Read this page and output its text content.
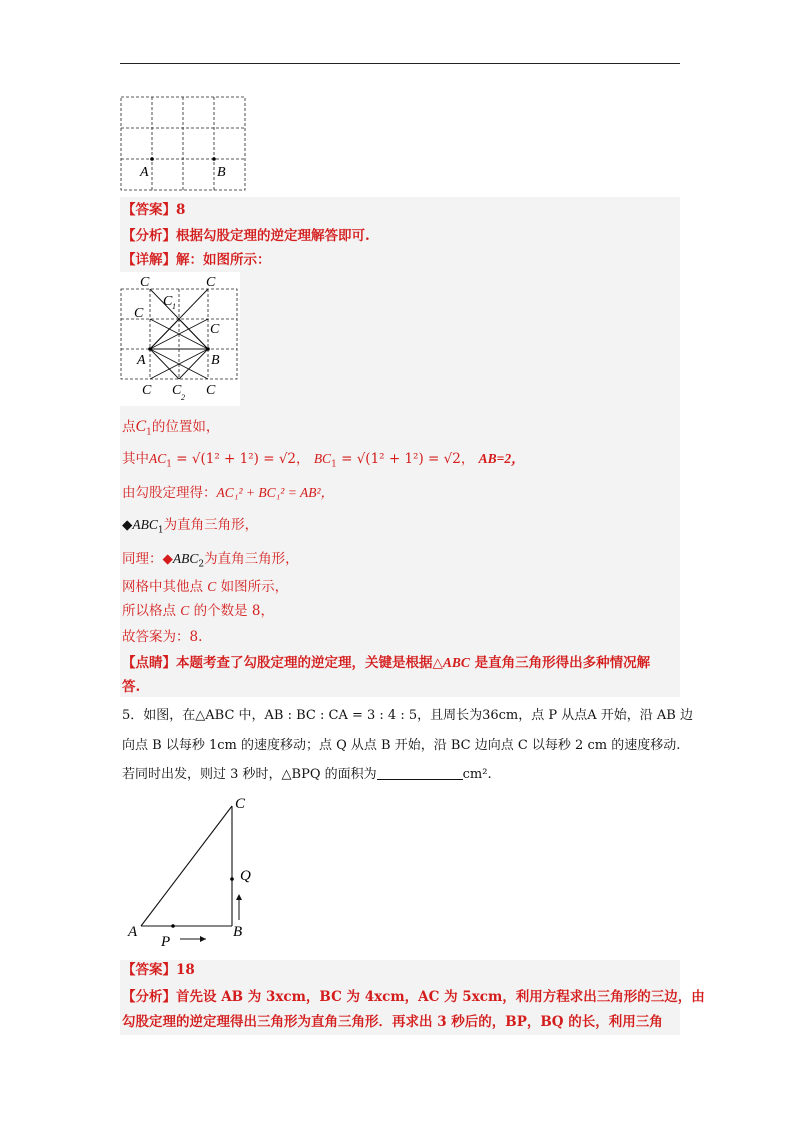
A	B
【答案】8
【分析】根据勾股定理的逆定理解答即可.
【详解】解：如图所示：
C	C
C 1
C
C
A	B
C C 2 C
点$C_1$的位置如，
其中$AC_1 = √(1^2 + 1^2) = √2$， $BC_1 = √(1^2 + 1^2) = √2$， AB=2，
由勾股定理得：AC₁² + BC₁² = AB²，
$◆ABC_1$为直角三角形，
同理：$◆ABC_2$为直角三角形，
网格中其他点 C 如图所示，
所以格点 C 的个数是 8，
故答案为：8.
【点睛】本题考查了勾股定理的逆定理，关键是根据△ABC 是直角三角形得出多种情况解
答.
5．如图，在△ABC 中，AB : BC : CA = 3 : 4 : 5，且周长为36cm，点 P 从点A 开始，沿 AB 边
向点 B 以每秒 1cm 的速度移动；点 Q 从点 B 开始，沿 BC 边向点 C 以每秒 2 cm 的速度移动.
若同时出发，则过 3 秒时，△BPQ 的面积为	cm².
A	B
C
P
Q
【答案】18
【分析】首先设 AB 为 3xcm，BC 为 4xcm，AC 为 5xcm，利用方程求出三角形的三边，由
勾股定理的逆定理得出三角形为直角三角形．再求出 3 秒后的，BP，BQ 的长，利用三角
